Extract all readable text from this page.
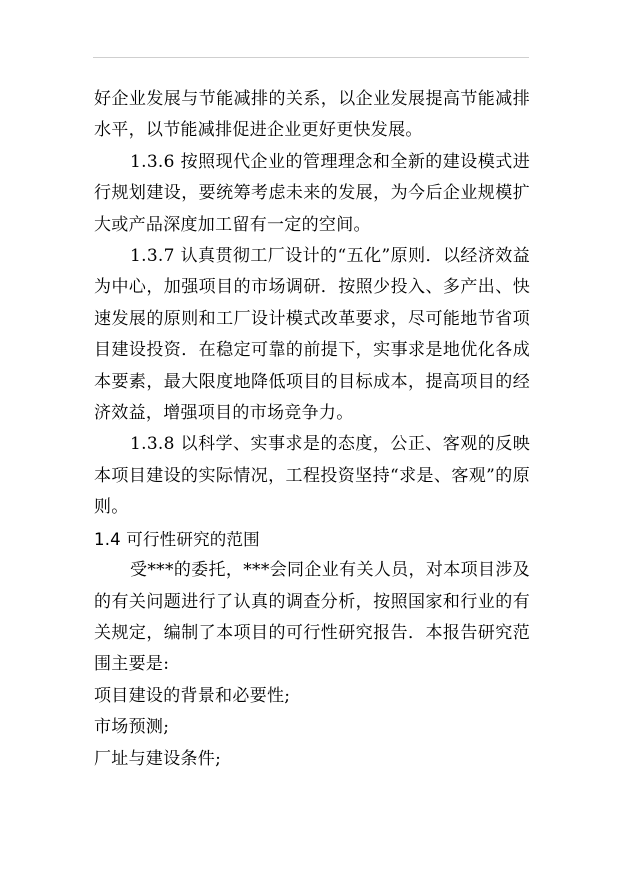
好企业发展与节能减排的关系，以企业发展提高节能减排水平，以节能减排促进企业更好更快发展。

1.3.6 按照现代企业的管理理念和全新的建设模式进行规划建设，要统筹考虑未来的发展，为今后企业规模扩大或产品深度加工留有一定的空间。

1.3.7 认真贯彻工厂设计的“五化”原则．以经济效益为中心，加强项目的市场调研．按照少投入、多产出、快速发展的原则和工厂设计模式改革要求，尽可能地节省项目建设投资．在稳定可靠的前提下，实事求是地优化各成本要素，最大限度地降低项目的目标成本，提高项目的经济效益，增强项目的市场竞争力。

1.3.8 以科学、实事求是的态度，公正、客观的反映本项目建设的实际情况，工程投资坚持“求是、客观”的原则。

1.4 可行性研究的范围

受***的委托，***会同企业有关人员，对本项目涉及的有关问题进行了认真的调查分析，按照国家和行业的有关规定，编制了本项目的可行性研究报告．本报告研究范围主要是:

项目建设的背景和必要性;

市场预测;

厂址与建设条件;
